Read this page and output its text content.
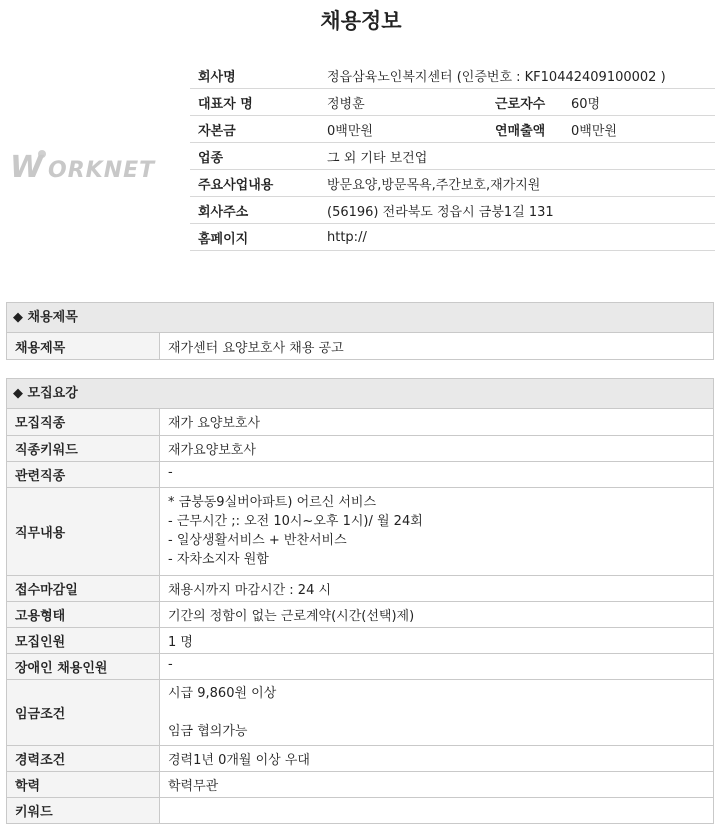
채용정보
W ORKNET
회사명	정읍삼육노인복지센터 (인증번호 : KF10442409100002 )		
대표자 명	정병훈	근로자수	60명
자본금	0백만원	연매출액	0백만원
업종	그 외 기타 보건업		
주요사업내용	방문요양,방문목욕,주간보호,재가지원		
회사주소	(56196) 전라북도 정읍시 금붕1길 131		
홈페이지	http://		
◆ 채용제목
채용제목	재가센터 요양보호사 채용 공고
◆ 모집요강
모집직종	재가 요양보호사

직종키워드	재가요양보호사

관련직종	-

직무내용	* 금붕동9실버아파트) 어르신 서비스
- 근무시간 ;: 오전 10시~오후 1시)/ 월 24회
- 일상생활서비스 + 반찬서비스
- 자차소지자 원함

접수마감일	채용시까지 마감시간 : 24 시

고용형태	기간의 정함이 없는 근로계약(시간(선택)제)

모집인원	1 명

장애인 채용인원	-

임금조건	시급 9,860원 이상
임금 협의가능

경력조건	경력1년 0개월 이상 우대

학력	학력무관

키워드	
